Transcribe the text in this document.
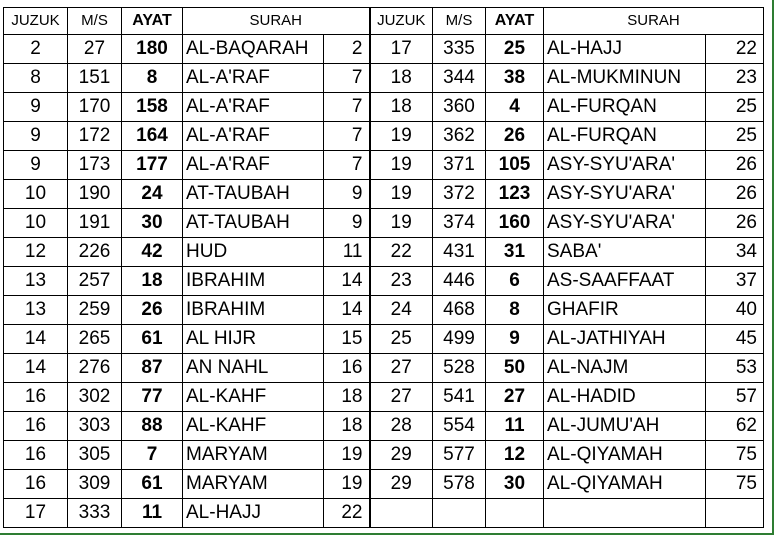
JUZUK	M/S	AYAT	SURAH		JUZUK	M/S	AYAT	SURAH	
2	27	180	AL-BAQARAH	2	17	335	25	AL-HAJJ	22
8	151	8	AL-A'RAF	7	18	344	38	AL-MUKMINUN	23
9	170	158	AL-A'RAF	7	18	360	4	AL-FURQAN	25
9	172	164	AL-A'RAF	7	19	362	26	AL-FURQAN	25
9	173	177	AL-A'RAF	7	19	371	105	ASY-SYU'ARA'	26
10	190	24	AT-TAUBAH	9	19	372	123	ASY-SYU'ARA'	26
10	191	30	AT-TAUBAH	9	19	374	160	ASY-SYU'ARA'	26
12	226	42	HUD	11	22	431	31	SABA'	34
13	257	18	IBRAHIM	14	23	446	6	AS-SAAFFAAT	37
13	259	26	IBRAHIM	14	24	468	8	GHAFIR	40
14	265	61	AL HIJR	15	25	499	9	AL-JATHIYAH	45
14	276	87	AN NAHL	16	27	528	50	AL-NAJM	53
16	302	77	AL-KAHF	18	27	541	27	AL-HADID	57
16	303	88	AL-KAHF	18	28	554	11	AL-JUMU'AH	62
16	305	7	MARYAM	19	29	577	12	AL-QIYAMAH	75
16	309	61	MARYAM	19	29	578	30	AL-QIYAMAH	75
17	333	11	AL-HAJJ	22					
